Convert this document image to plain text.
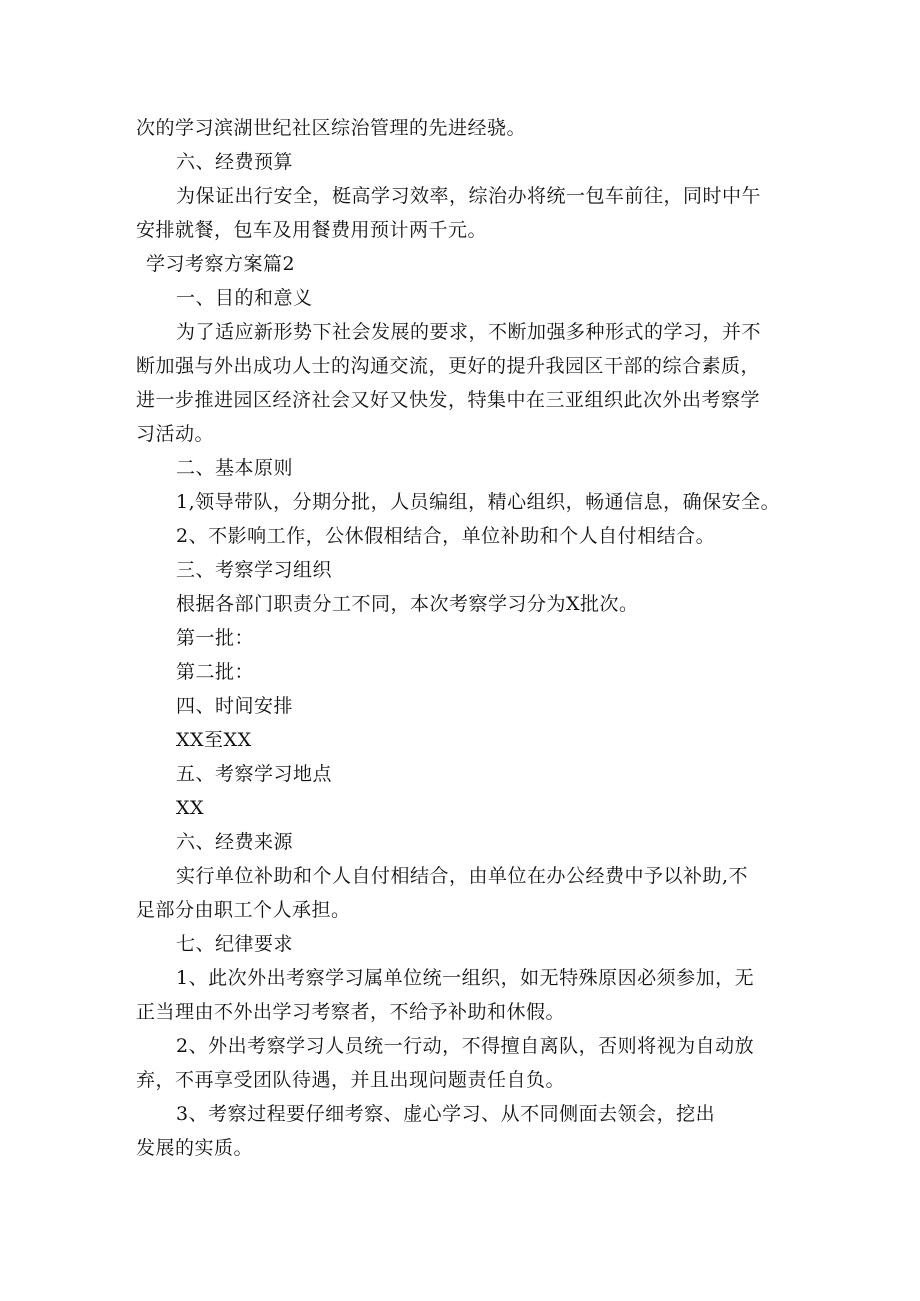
次的学习滨湖世纪社区综治管理的先进经骁。
六、经费预算
为保证出行安全，梃高学习效率，综治办将统一包车前往，同时中午
安排就餐，包车及用餐费用预计两千元。
学习考察方案篇2
一、目的和意义
为了适应新形势下社会发展的要求，不断加强多种形式的学习，并不
断加强与外出成功人士的沟通交流，更好的提升我园区干部的综合素质，
进一步推进园区经济社会又好又快发，特集中在三亚组织此次外出考察学
习活动。
二、基本原则
1,领导带队，分期分批，人员编组，精心组织，畅通信息，确保安全。
2、不影响工作，公休假相结合，单位补助和个人自付相结合。
三、考察学习组织
根据各部门职责分工不同，本次考察学习分为X批次。
第一批：
第二批：
四、时间安排
XX至XX
五、考察学习地点
XX
六、经费来源
实行单位补助和个人自付相结合，由单位在办公经费中予以补助,不
足部分由职工个人承担。
七、纪律要求
1、此次外出考察学习属单位统一组织，如无特殊原因必须参加，无
正当理由不外出学习考察者，不给予补助和休假。
2、外出考察学习人员统一行动，不得擅自离队，否则将视为自动放
弃，不再享受团队待遇，并且出现问题责任自负。
3、考察过程要仔细考察、虚心学习、从不同侧面去领会，挖出
发展的实质。
